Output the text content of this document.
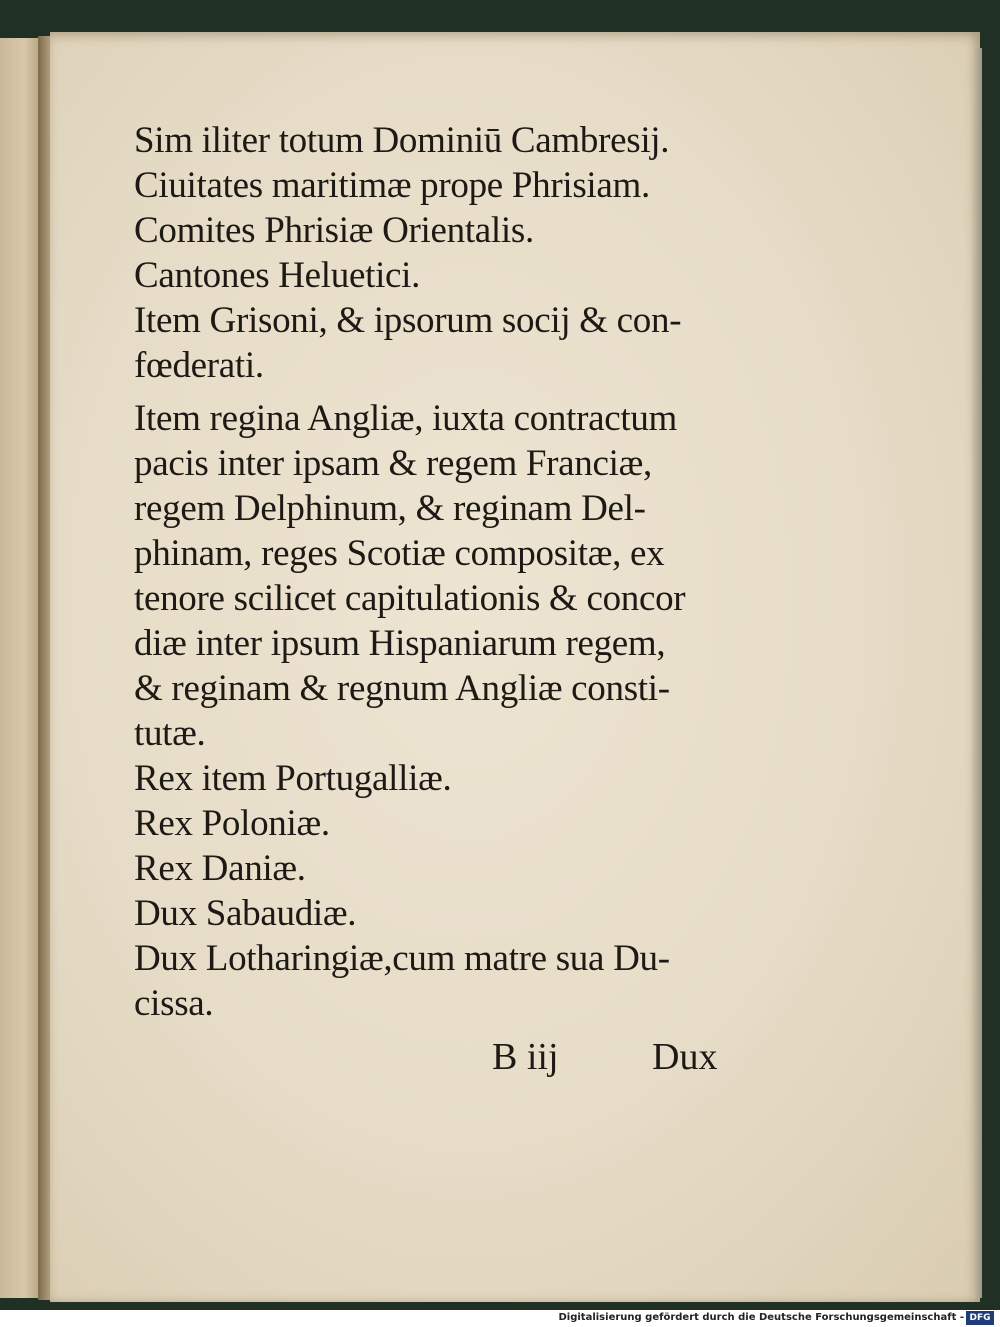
Sim iliter totum Dominiū Cambresij.
Ciuitates maritimæ prope Phrisiam.
Comites Phrisiæ Orientalis.
Cantones Heluetici.
Item Grisoni, & ipsorum socij & con-
fœderati.
Item regina Angliæ, iuxta contractum
pacis inter ipsam & regem Franciæ,
regem Delphinum, & reginam Del-
phinam, reges Scotiæ compositæ, ex
tenore scilicet capitulationis & concor
diæ inter ipsum Hispaniarum regem,
& reginam & regnum Angliæ consti-
tutæ.
Rex item Portugalliæ.
Rex Poloniæ.
Rex Daniæ.
Dux Sabaudiæ.
Dux Lotharingiæ,cum matre sua Du-
cissa.
B iij Dux
Digitalisierung gefördert durch die Deutsche Forschungsgemeinschaft - DFG
